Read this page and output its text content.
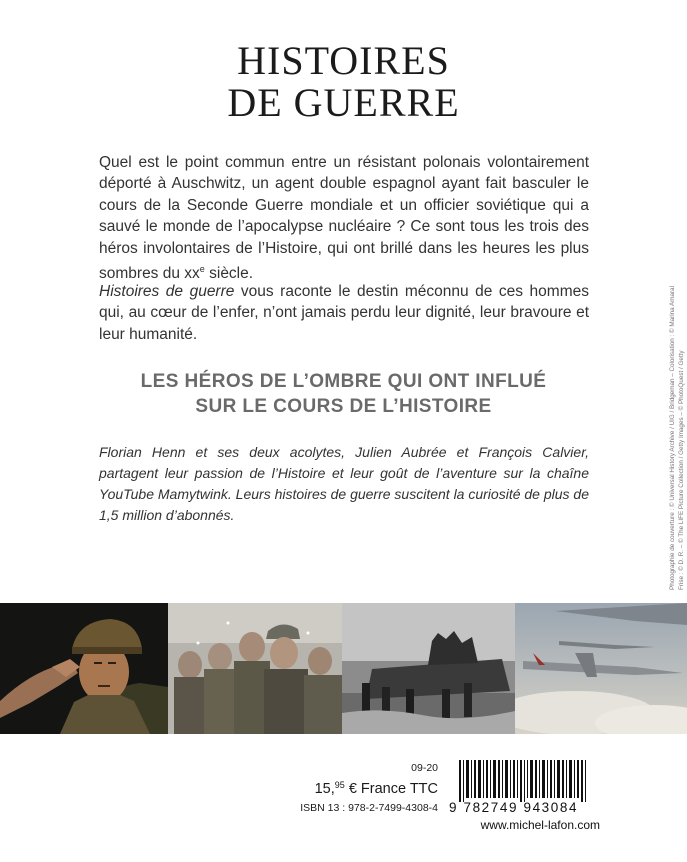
HISTOIRES
DE GUERRE

Quel est le point commun entre un résistant polonais volontairement déporté à Auschwitz, un agent double espagnol ayant fait basculer le cours de la Seconde Guerre mondiale et un officier soviétique qui a sauvé le monde de l’apocalypse nucléaire ? Ce sont tous les trois des héros involontaires de l’Histoire, qui ont brillé dans les heures les plus sombres du $xx^e$ siècle.

Histoires de guerre vous raconte le destin méconnu de ces hommes qui, au cœur de l’enfer, n’ont jamais perdu leur dignité, leur bravoure et leur humanité.

LES HÉROS DE L’OMBRE QUI ONT INFLUÉ
SUR LE COURS DE L’HISTOIRE

Florian Henn et ses deux acolytes, Julien Aubrée et François Calvier, partagent leur passion de l’Histoire et leur goût de l’aventure sur la chaîne YouTube Mamytwink. Leurs histoires de guerre suscitent la curiosité de plus de 1,5 million d’abonnés.	Photographie de couverture : © Universal History Archive / UIG / Bridgeman – Colorisation : © Marina Amaral Frise : © D. R. – © The LIFE Picture Collection / Getty Images – © PhotoQuest / Getty
09-20
15,95 € France TTC
ISBN 13 : 978-2-7499-4308-4 9 782749 943084
www.michel-lafon.com
